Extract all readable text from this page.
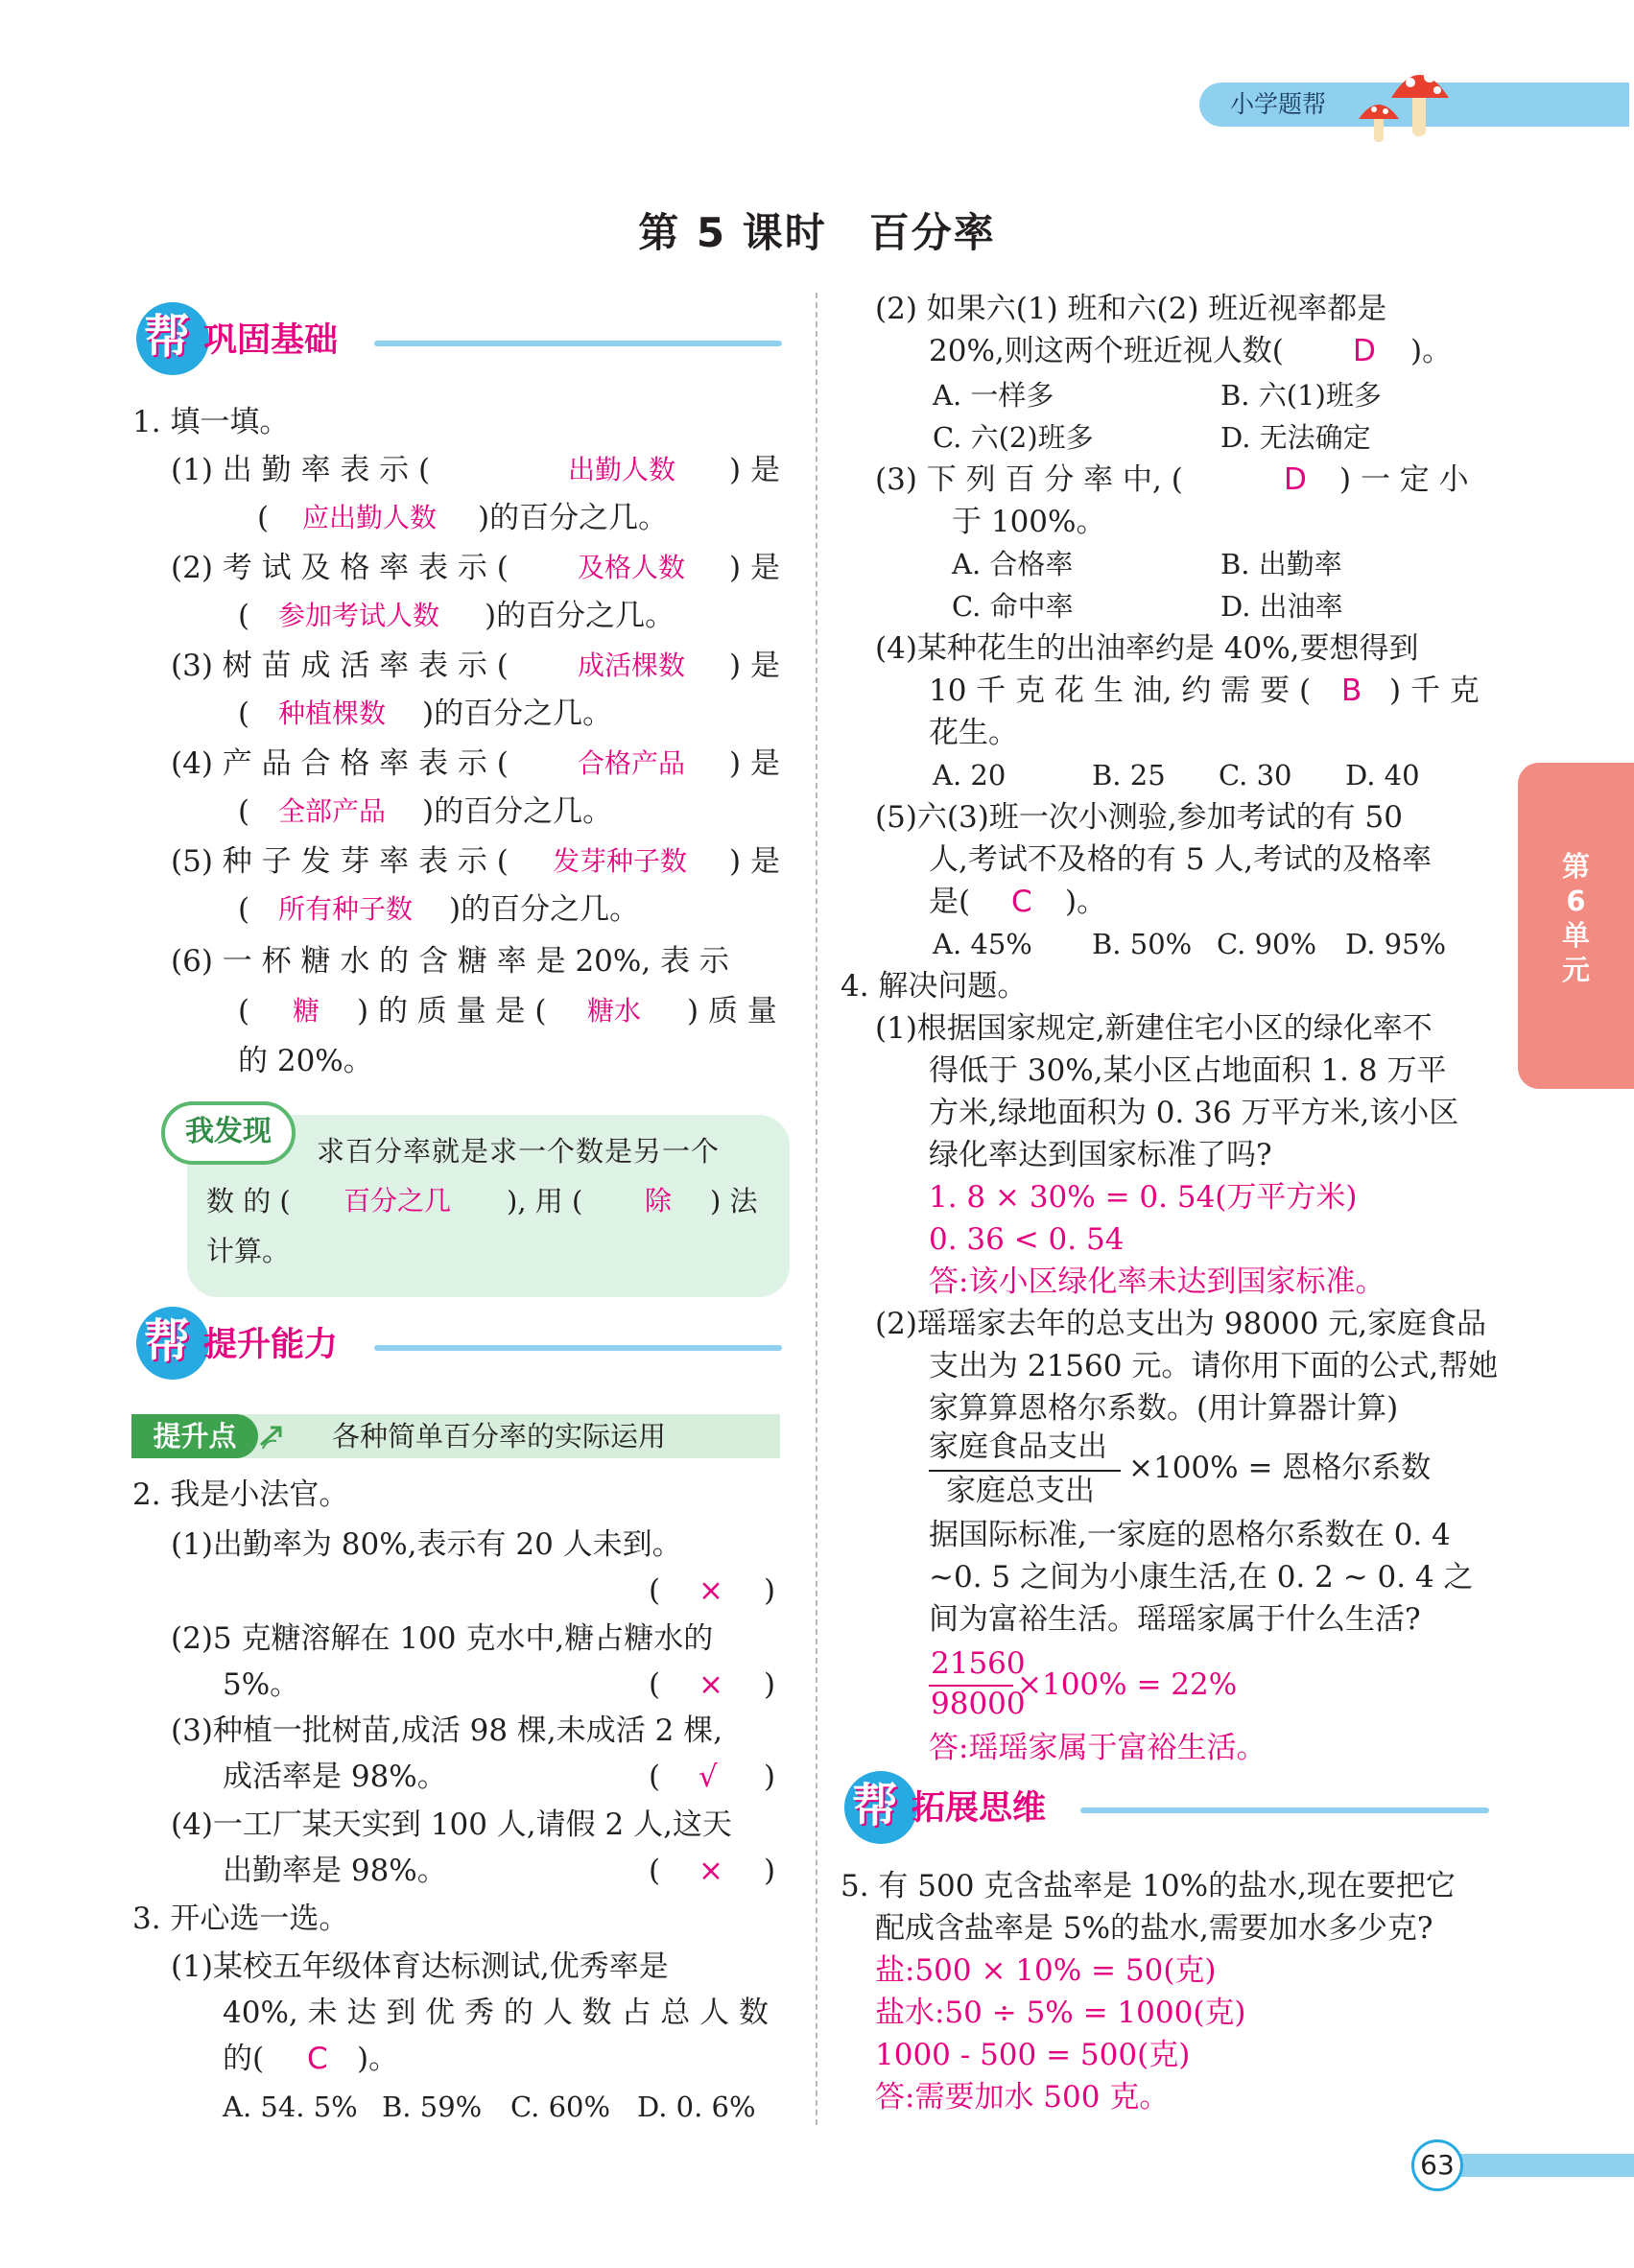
小学题帮
第 5 课时　百分率
帮 巩固基础
1. 填一填。
(1) 出 勤 率 表 示 (	出勤人数 ) 是
( 应出勤人数 )的百分之几。
(2) 考 试 及 格 率 表 示 (	及格人数 ) 是
( 参加考试人数 )的百分之几。
(3) 树 苗 成 活 率 表 示 (	成活棵数 ) 是
( 种植棵数 )的百分之几。
(4) 产 品 合 格 率 表 示 (	合格产品 ) 是
( 全部产品 )的百分之几。
(5) 种 子 发 芽 率 表 示 ( 发芽种子数 ) 是
( 所有种子数 )的百分之几。
(6) 一 杯 糖 水 的 含 糖 率 是 20%, 表 示
( 糖 ) 的 质 量 是 ( 糖水 ) 质 量
的 20%。
我发现
求百分率就是求一个数是另一个
数 的 ( 百分之几 ), 用 ( 除 ) 法
计算。
帮 提升能力
提升点	各种简单百分率的实际运用
2. 我是小法官。
(1)出勤率为 80%,表示有 20 人未到。
( × )
(2)5 克糖溶解在 100 克水中,糖占糖水的
5%。	( × )
(3)种植一批树苗,成活 98 棵,未成活 2 棵,
成活率是 98%。	( √ )
(4)一工厂某天实到 100 人,请假 2 人,这天
出勤率是 98%。	( × )
3. 开心选一选。
(1)某校五年级体育达标测试,优秀率是
40%, 未 达 到 优 秀 的 人 数 占 总 人 数
的( C )。
A. 54. 5% B. 59% C. 60% D. 0. 6%
(2) 如果六(1) 班和六(2) 班近视率都是
20%,则这两个班近视人数( D )。
A. 一样多	B. 六(1)班多
C. 六(2)班多	D. 无法确定
(3) 下 列 百 分 率 中, (	D ) 一 定 小
于 100%。
A. 合格率	B. 出勤率
C. 命中率	D. 出油率
(4)某种花生的出油率约是 40%,要想得到
10 千 克 花 生 油, 约 需 要 ( B ) 千 克
花生。
A. 20	B. 25 C. 30 D. 40
(5)六(3)班一次小测验,参加考试的有 50
人,考试不及格的有 5 人,考试的及格率
是( C )。
A. 45% B. 50% C. 90% D. 95%
4. 解决问题。
(1)根据国家规定,新建住宅小区的绿化率不
得低于 30%,某小区占地面积 1. 8 万平
方米,绿地面积为 0. 36 万平方米,该小区
绿化率达到国家标准了吗?
1. 8 × 30% = 0. 54(万平方米)
0. 36 < 0. 54
答:该小区绿化率未达到国家标准。
(2)瑶瑶家去年的总支出为 98000 元,家庭食品
支出为 21560 元。请你用下面的公式,帮她
家算算恩格尔系数。(用计算器计算)
家庭食品支出
家庭总支出
×100% = 恩格尔系数
据国际标准,一家庭的恩格尔系数在 0. 4
~0. 5 之间为小康生活,在 0. 2 ~ 0. 4 之
间为富裕生活。瑶瑶家属于什么生活?
21560
98000
×100% = 22%
答:瑶瑶家属于富裕生活。
帮 拓展思维
5. 有 500 克含盐率是 10%的盐水,现在要把它
配成含盐率是 5%的盐水,需要加水多少克?
盐:500 × 10% = 50(克)
盐水:50 ÷ 5% = 1000(克)
1000 - 500 = 500(克)
答:需要加水 500 克。
第6单元
63
